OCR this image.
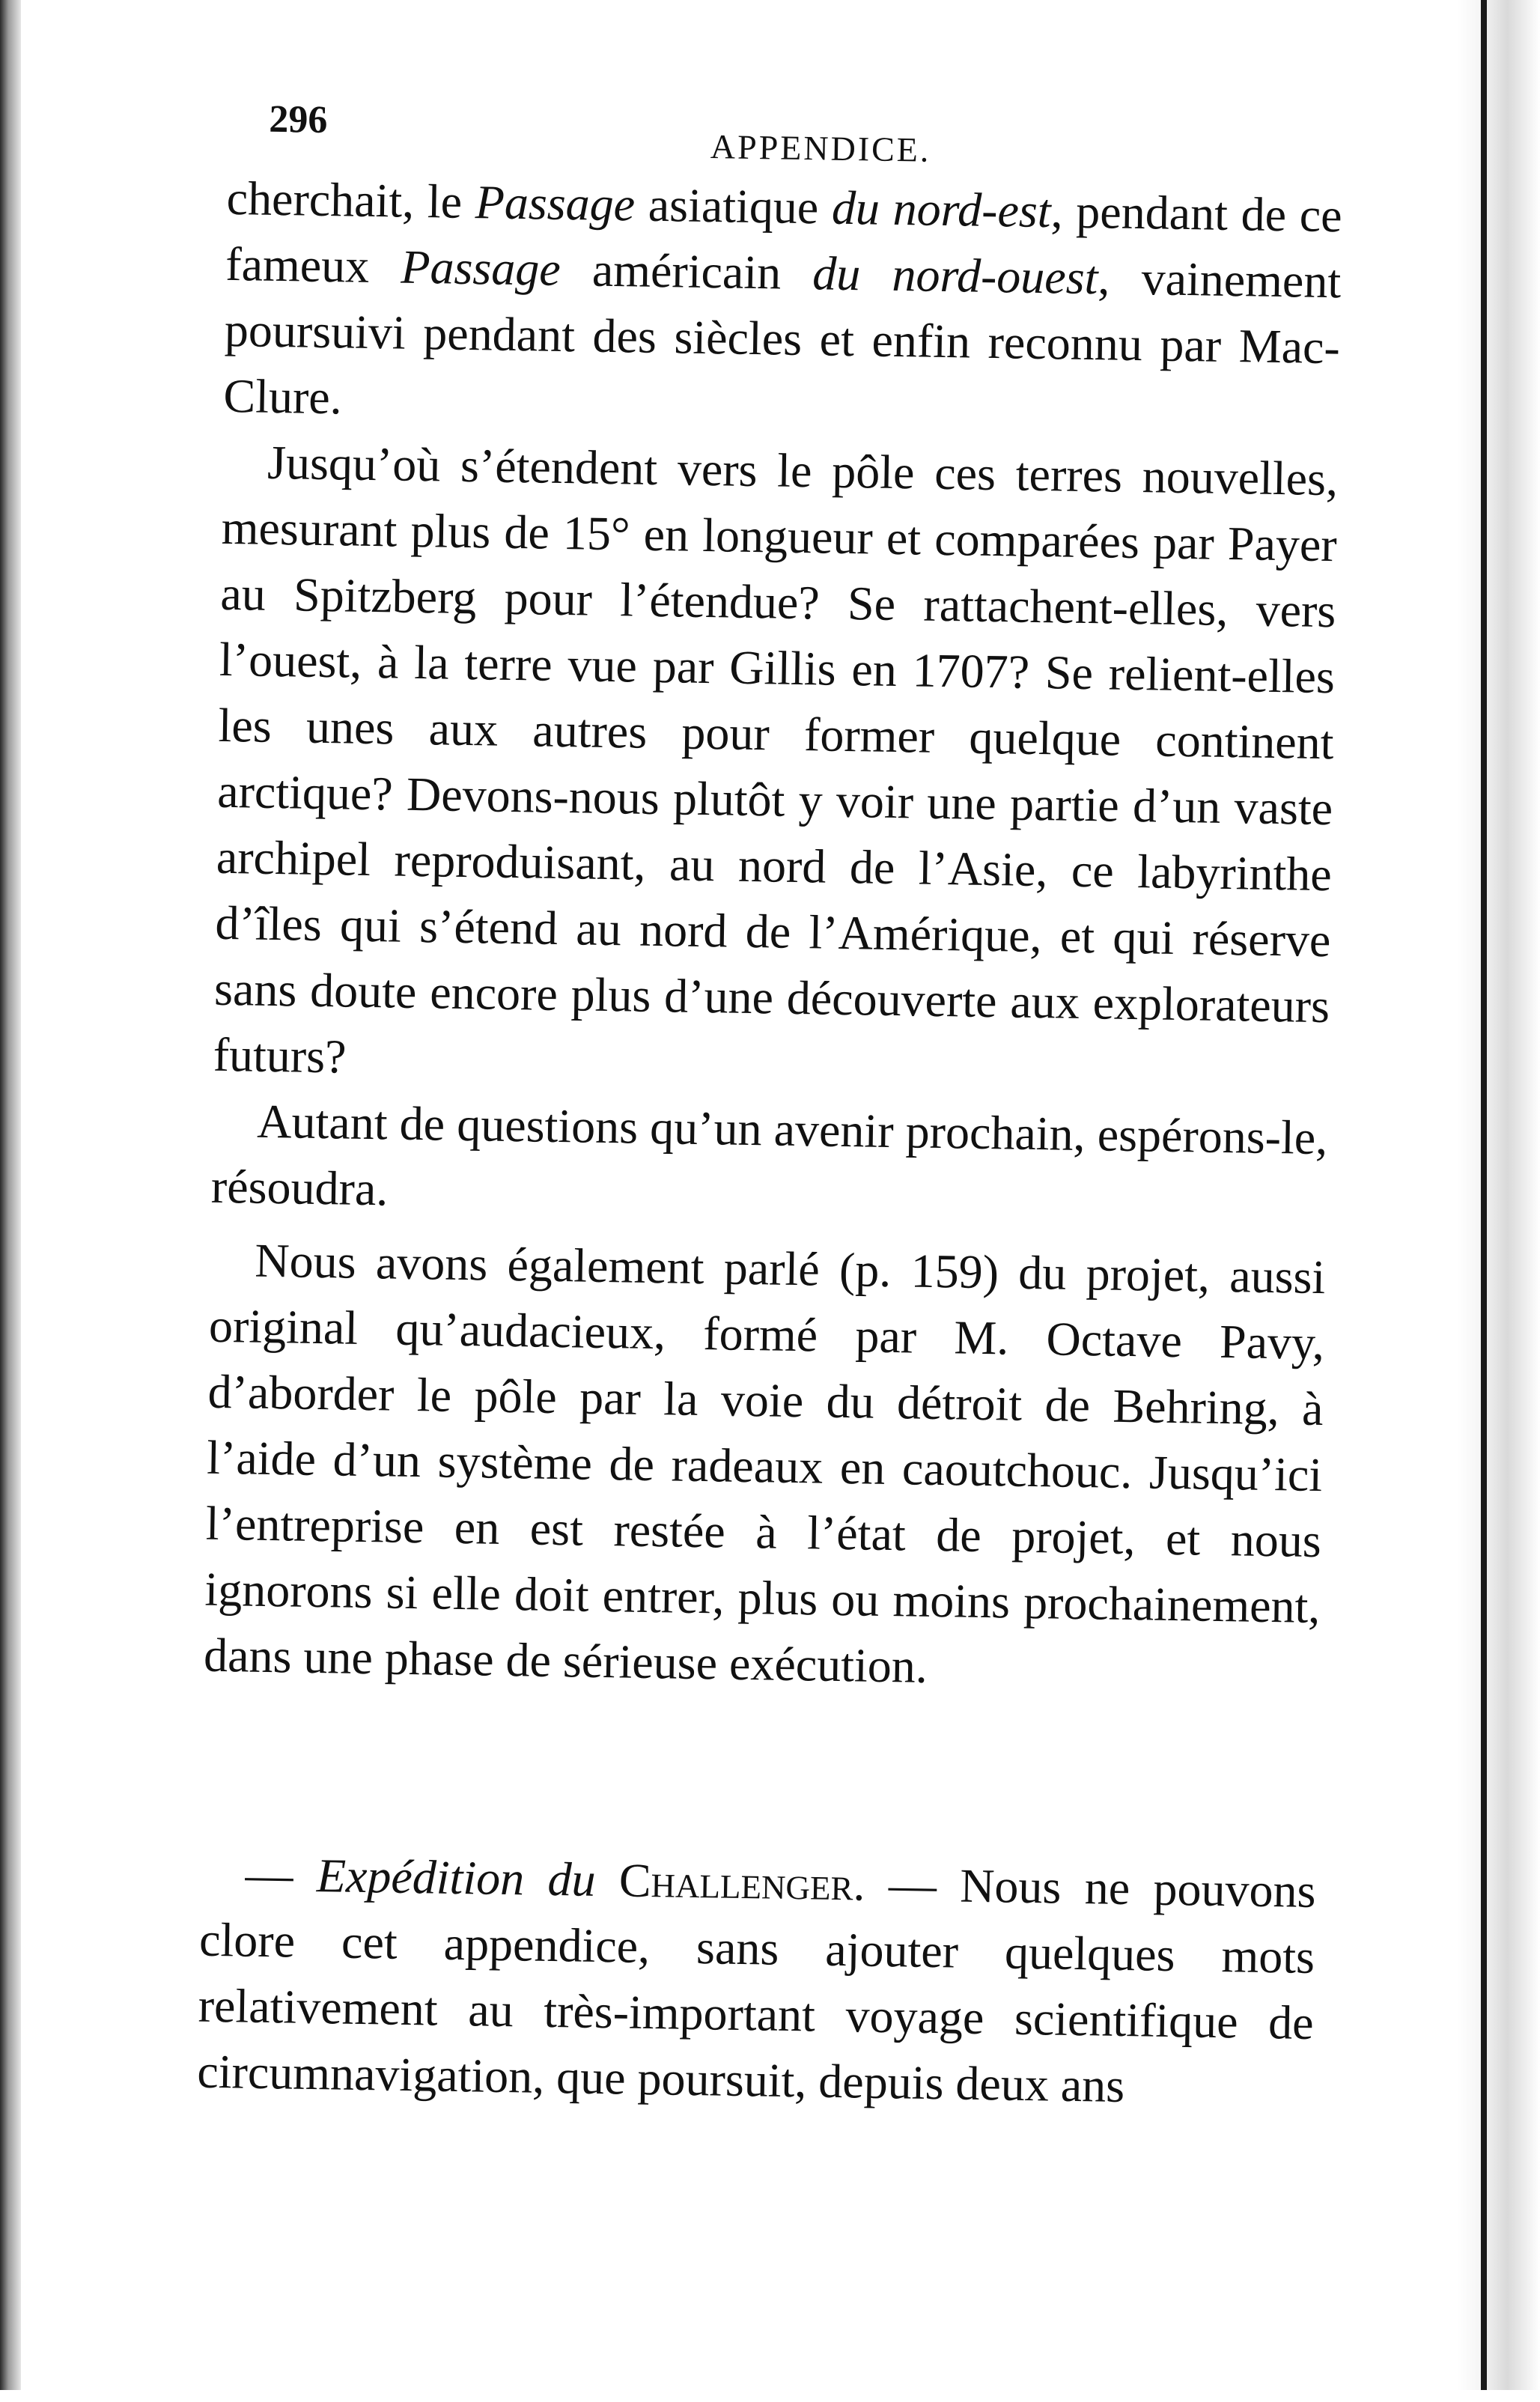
296
APPENDICE.

cherchait, le Passage asiatique du nord-est, pendant de ce fameux Passage américain du nord-ouest, vainement poursuivi pendant des siècles et enfin reconnu par Mac-Clure.

Jusqu’où s’étendent vers le pôle ces terres nouvelles, mesurant plus de 15° en longueur et comparées par Payer au Spitzberg pour l’étendue? Se rattachent-elles, vers l’ouest, à la terre vue par Gillis en 1707? Se relient-elles les unes aux autres pour former quelque continent arctique? Devons-nous plutôt y voir une partie d’un vaste archipel reproduisant, au nord de l’Asie, ce labyrinthe d’îles qui s’étend au nord de l’Amérique, et qui réserve sans doute encore plus d’une découverte aux explorateurs futurs?

Autant de questions qu’un avenir prochain, espérons-le, résoudra.

Nous avons également parlé (p. 159) du projet, aussi original qu’audacieux, formé par M. Octave Pavy, d’aborder le pôle par la voie du détroit de Behring, à l’aide d’un système de radeaux en caoutchouc. Jusqu’ici l’entreprise en est restée à l’état de projet, et nous ignorons si elle doit entrer, plus ou moins prochainement, dans une phase de sérieuse exécution.

— Expédition du Challenger. — Nous ne pouvons clore cet appendice, sans ajouter quelques mots relativement au très-important voyage scientifique de circumnavigation, que poursuit, depuis deux ans
